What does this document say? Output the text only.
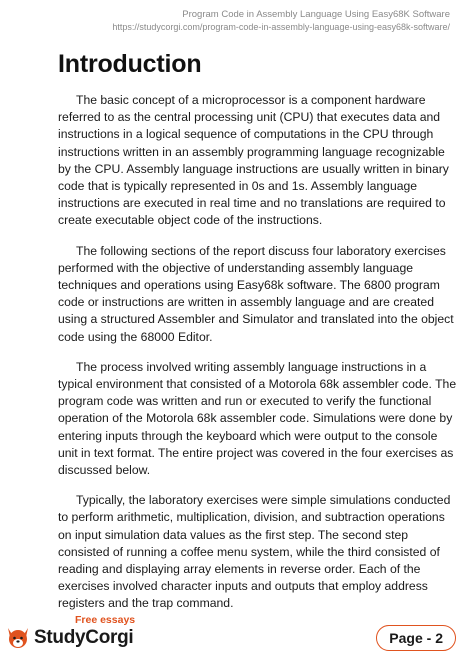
Program Code in Assembly Language Using Easy68K Software
https://studycorgi.com/program-code-in-assembly-language-using-easy68k-software/
Introduction

The basic concept of a microprocessor is a component hardware referred to as the central processing unit (CPU) that executes data and instructions in a logical sequence of computations in the CPU through instructions written in an assembly programming language recognizable by the CPU. Assembly language instructions are usually written in binary code that is typically represented in 0s and 1s. Assembly language instructions are executed in real time and no translations are required to create executable object code of the instructions.

The following sections of the report discuss four laboratory exercises performed with the objective of understanding assembly language techniques and operations using Easy68k software. The 6800 program code or instructions are written in assembly language and are created using a structured Assembler and Simulator and translated into the object code using the 68000 Editor.

The process involved writing assembly language instructions in a typical environment that consisted of a Motorola 68k assembler code. The program code was written and run or executed to verify the functional operation of the Motorola 68k assembler code. Simulations were done by entering inputs through the keyboard which were output to the console unit in text format. The entire project was covered in the four exercises as discussed below.

Typically, the laboratory exercises were simple simulations conducted to perform arithmetic, multiplication, division, and subtraction operations on input simulation data values as the first step. The second step consisted of running a coffee menu system, while the third consisted of reading and displaying array elements in reverse order. Each of the exercises involved character inputs and outputs that employ address registers and the trap command.

Free essays
StudyCorgi	Page - 2
